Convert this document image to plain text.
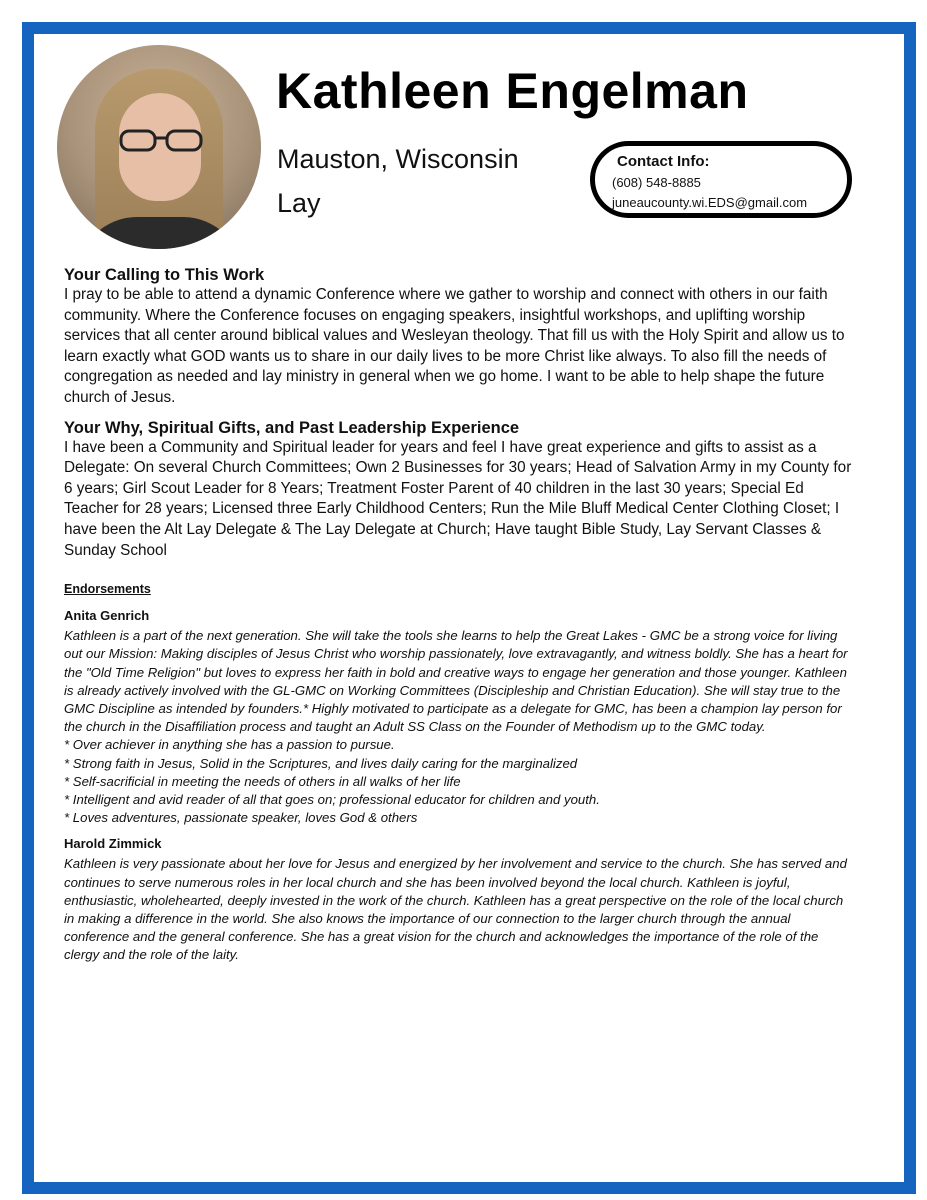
Kathleen Engelman
Mauston, Wisconsin
Lay
Contact Info:
(608) 548-8885
juneaucounty.wi.EDS@gmail.com
Your Calling to This Work

I pray to be able to attend a dynamic Conference where we gather to worship and connect with others in our faith community. Where the Conference focuses on engaging speakers, insightful workshops, and uplifting worship services that all center around biblical values and Wesleyan theology. That fill us with the Holy Spirit and allow us to learn exactly what GOD wants us to share in our daily lives to be more Christ like always. To also fill the needs of congregation as needed and lay ministry in general when we go home. I want to be able to help shape the future church of Jesus.

Your Why, Spiritual Gifts, and Past Leadership Experience

I have been a Community and Spiritual leader for years and feel I have great experience and gifts to assist as a Delegate: On several Church Committees; Own 2 Businesses for 30 years; Head of Salvation Army in my County for 6 years; Girl Scout Leader for 8 Years; Treatment Foster Parent of 40 children in the last 30 years; Special Ed Teacher for 28 years; Licensed three Early Childhood Centers; Run the Mile Bluff Medical Center Clothing Closet; I have been the Alt Lay Delegate & The Lay Delegate at Church; Have taught Bible Study, Lay Servant Classes & Sunday School

Endorsements
Anita Genrich

Kathleen is a part of the next generation. She will take the tools she learns to help the Great Lakes - GMC be a strong voice for living out our Mission: Making disciples of Jesus Christ who worship passionately, love extravagantly, and witness boldly. She has a heart for the "Old Time Religion" but loves to express her faith in bold and creative ways to engage her generation and those younger. Kathleen is already actively involved with the GL-GMC on Working Committees (Discipleship and Christian Education). She will stay true to the GMC Discipline as intended by founders.* Highly motivated to participate as a delegate for GMC, has been a champion lay person for the church in the Disaffiliation process and taught an Adult SS Class on the Founder of Methodism up to the GMC today.

* Over achiever in anything she has a passion to pursue.
* Strong faith in Jesus, Solid in the Scriptures, and lives daily caring for the marginalized
* Self-sacrificial in meeting the needs of others in all walks of her life
* Intelligent and avid reader of all that goes on; professional educator for children and youth.
* Loves adventures, passionate speaker, loves God & others
Harold Zimmick

Kathleen is very passionate about her love for Jesus and energized by her involvement and service to the church. She has served and continues to serve numerous roles in her local church and she has been involved beyond the local church. Kathleen is joyful, enthusiastic, wholehearted, deeply invested in the work of the church. Kathleen has a great perspective on the role of the local church in making a difference in the world. She also knows the importance of our connection to the larger church through the annual conference and the general conference. She has a great vision for the church and acknowledges the importance of the role of the clergy and the role of the laity.
